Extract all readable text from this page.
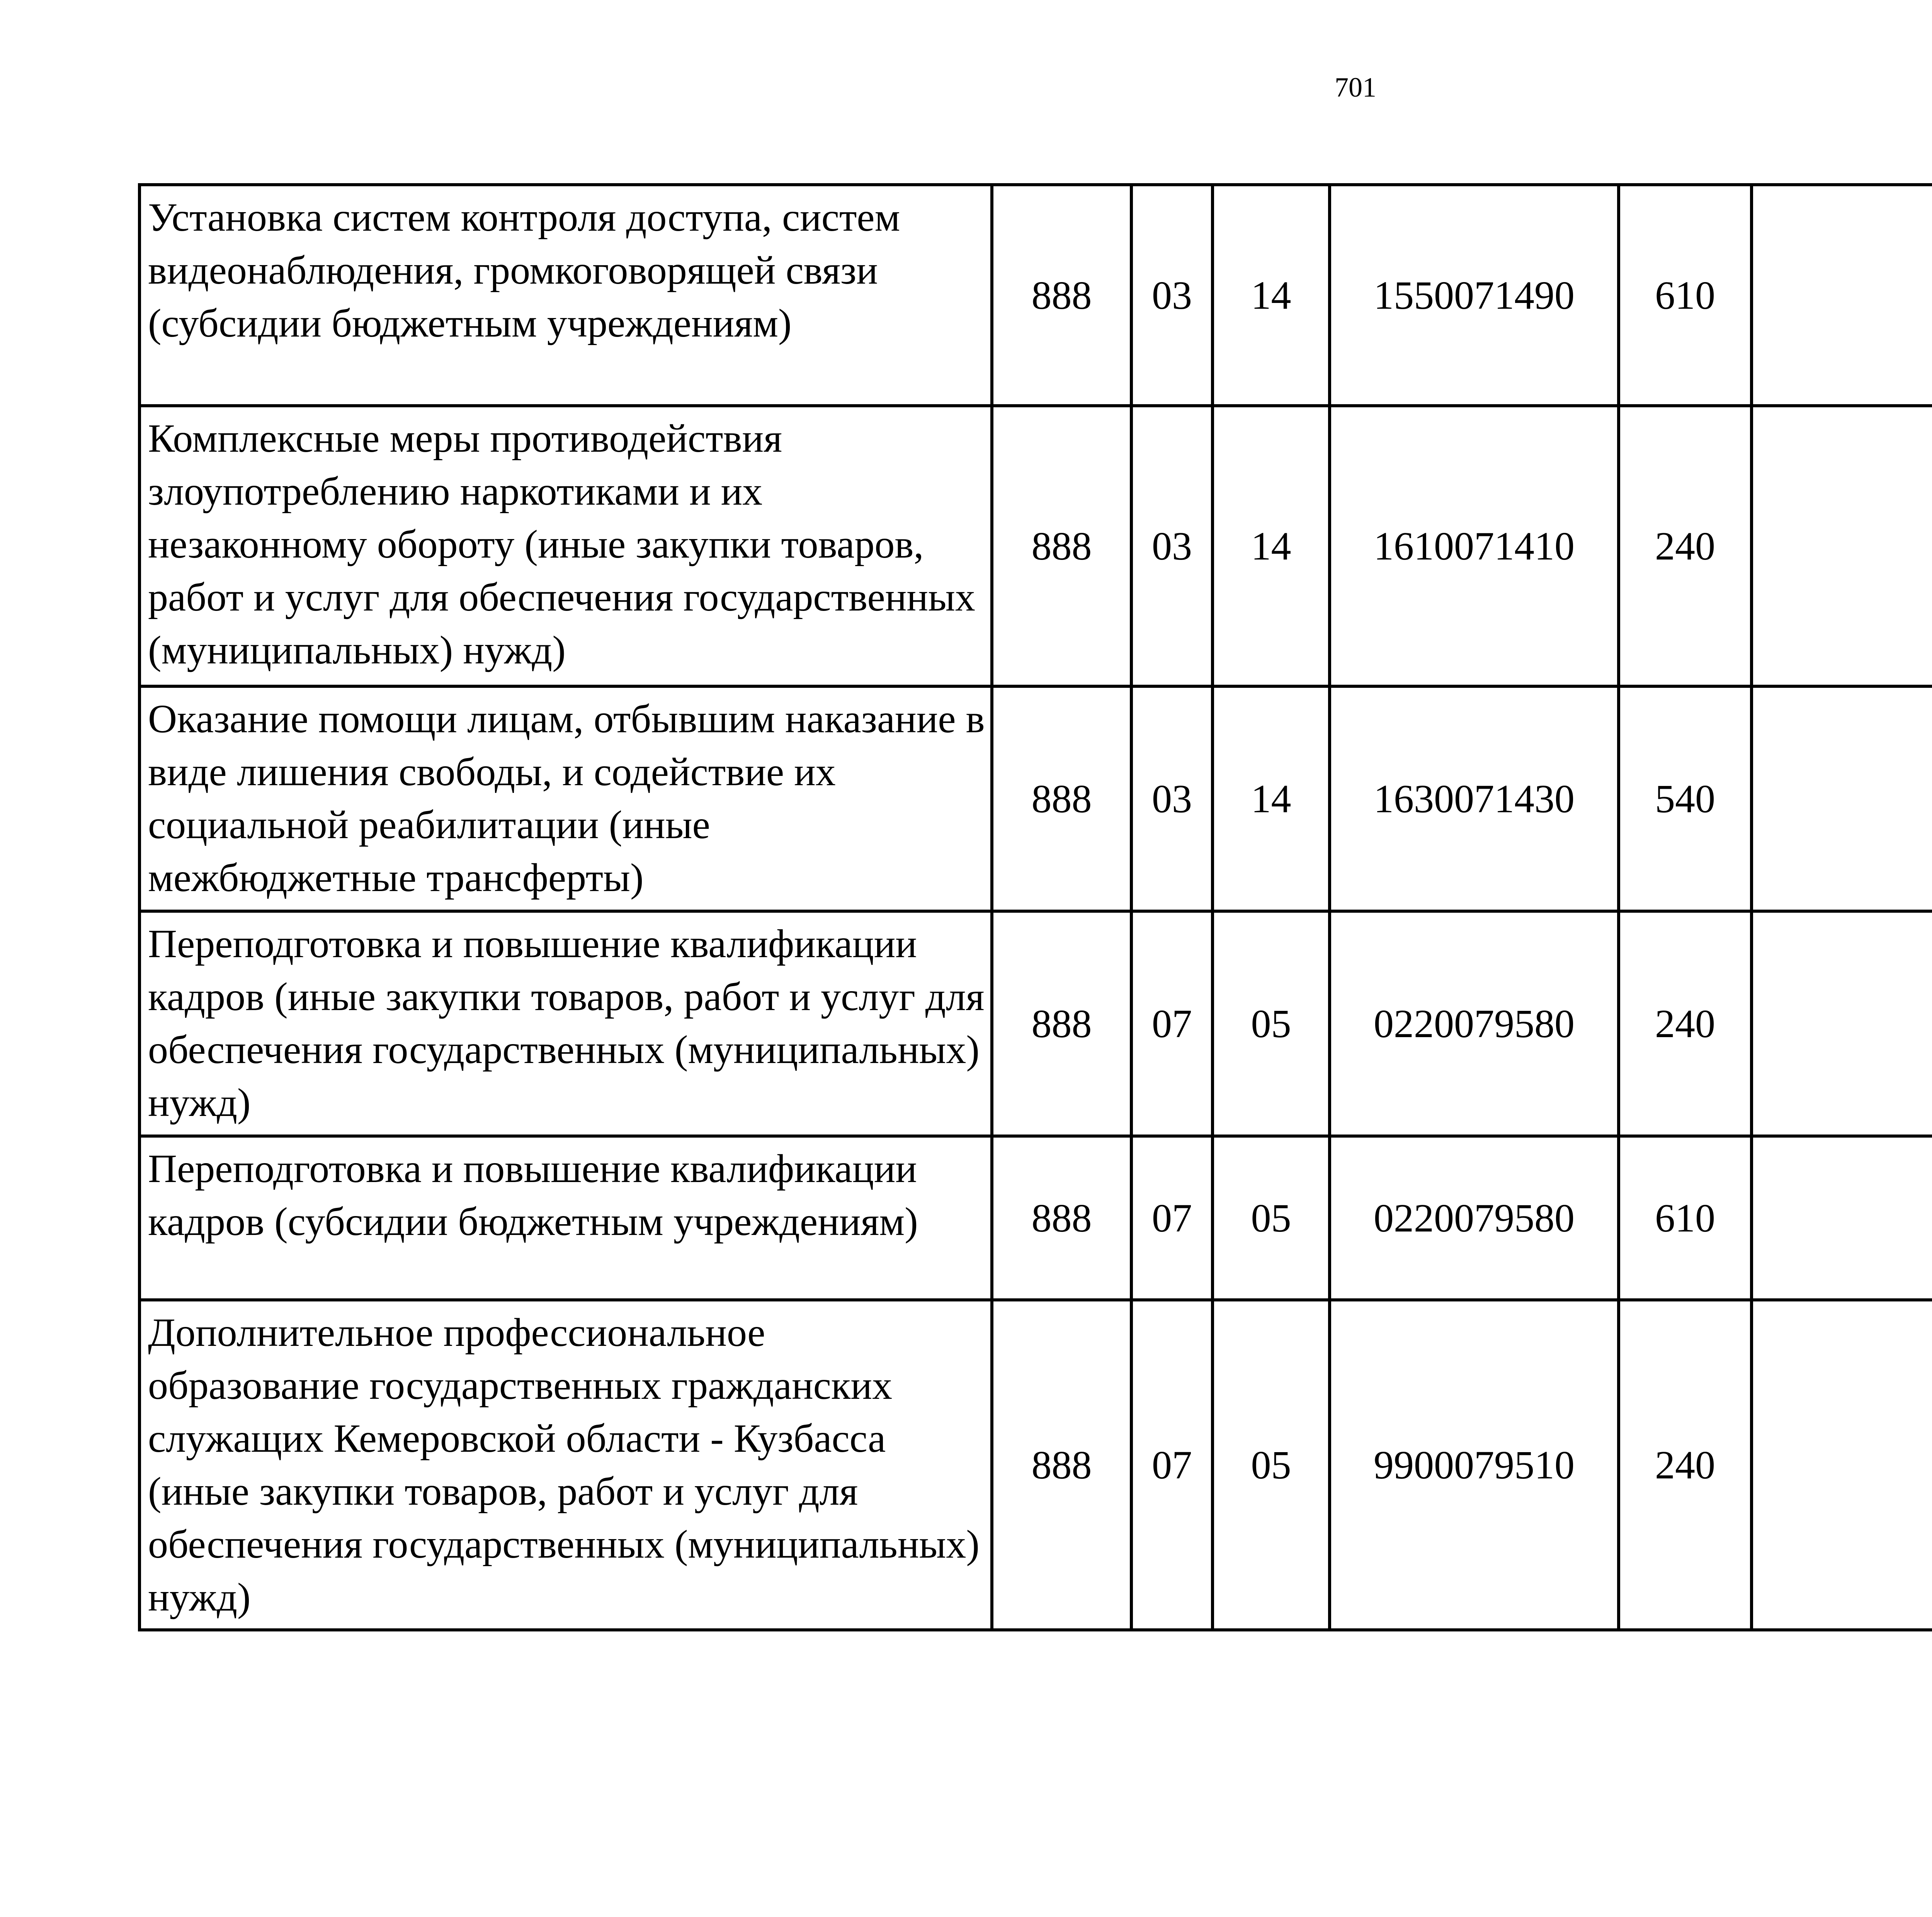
701
Установка систем контроля доступа, систем видеонаблюдения, громкоговорящей связи (субсидии бюджетным учреждениям)	888	03	14	1550071490	610			
Комплексные меры противодействия злоупотреблению наркотиками и их незаконному обороту (иные закупки товаров, работ и услуг для обеспечения государственных (муниципальных) нужд)	888	03	14	1610071410	240			
Оказание помощи лицам, отбывшим наказание в виде лишения свободы, и содействие их социальной реабилитации (иные межбюджетные трансферты)	888	03	14	1630071430	540			
Переподготовка и повышение квалификации кадров (иные закупки товаров, работ и услуг для обеспечения государственных (муниципальных) нужд)	888	07	05	0220079580	240			
Переподготовка и повышение квалификации кадров (субсидии бюджетным учреждениям)	888	07	05	0220079580	610			
Дополнительное профессиональное образование государственных гражданских служащих Кемеровской области - Кузбасса (иные закупки товаров, работ и услуг для обеспечения государственных (муниципальных) нужд)	888	07	05	9900079510	240			
